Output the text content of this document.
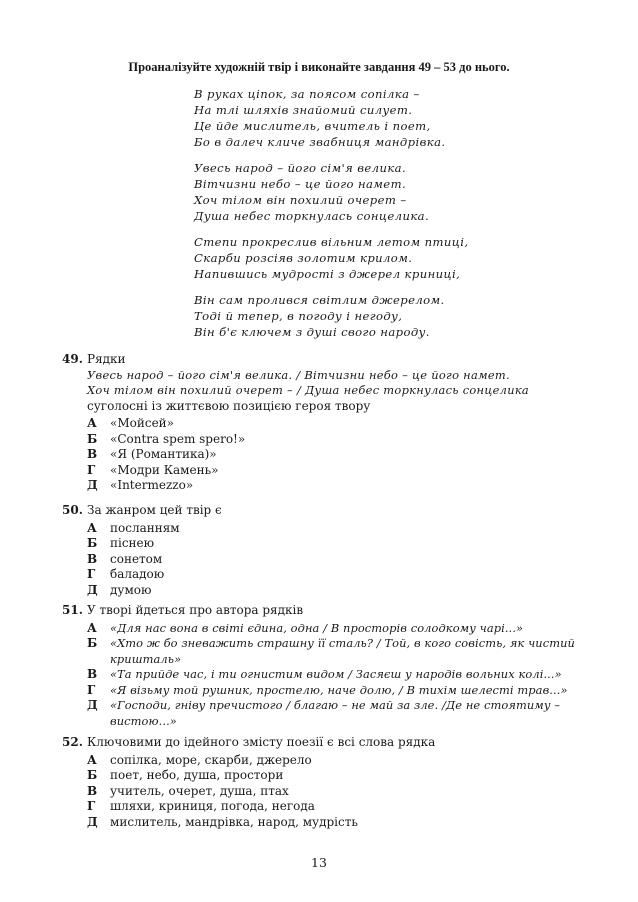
Проаналізуйте художній твір і виконайте завдання 49 – 53 до нього.
В руках ціпок, за поясом сопілка –
На тлі шляхів знайомий силует.
Це йде мислитель, вчитель і поет,
Бо в далеч кличе звабниця мандрівка.
Увесь народ – його сім'я велика.
Вітчизни небо – це його намет.
Хоч тілом він похилий очерет –
Душа небес торкнулась сонцелика.
Степи прокреслив вільним летом птиці,
Скарби розсіяв золотим крилом.
Напившись мудрості з джерел криниці,
Він сам пролився світлим джерелом.
Тоді й тепер, в погоду і негоду,
Він б'є ключем з душі свого народу.
49. Рядки
Увесь народ – його сім'я велика. / Вітчизни небо – це його намет.
Хоч тілом він похилий очерет – / Душа небес торкнулась сонцелика
суголосні із життєвою позицією героя твору
А	«Мойсей»
Б	«Contra spem spero!»
В	«Я (Романтика)»
Г	«Модри Камень»
Д	«Intermezzo»
50. За жанром цей твір є
А	посланням
Б	піснею
В	сонетом
Г	баладою
Д	думою
51. У творі йдеться про автора рядків
А	«Для нас вона в світі єдина, одна / В просторів солодкому чарі...»
Б	«Хто ж бо зневажить страшну її сталь? / Той, в кого совість, як чистий кришталь»
В	«Та прийде час, і ти огнистим видом / Засяєш у народів вольних колі...»
Г	«Я візьму той рушник, простелю, наче долю, / В тихім шелесті трав...»
Д	«Господи, гніву пречистого / благаю – не май за зле. /Де не стоятиму – вистою...»
52. Ключовими до ідейного змісту поезії є всі слова рядка
А	сопілка, море, скарби, джерело
Б	поет, небо, душа, простори
В	учитель, очерет, душа, птах
Г	шляхи, криниця, погода, негода
Д	мислитель, мандрівка, народ, мудрість
13
